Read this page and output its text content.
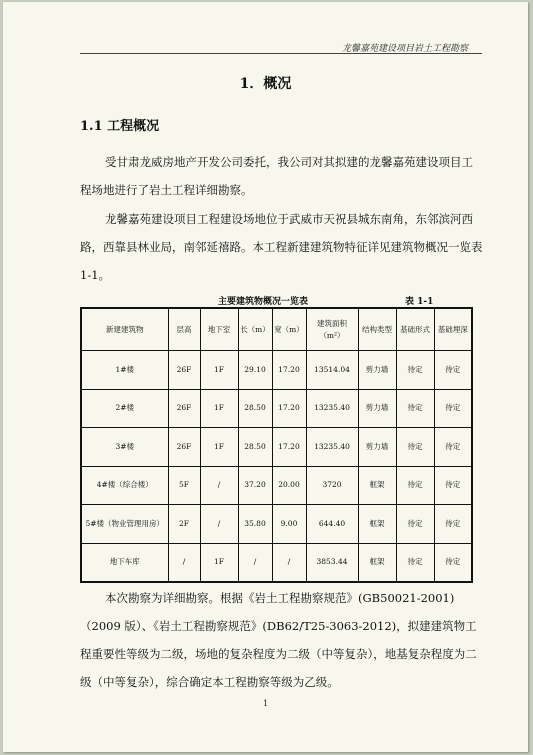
龙馨嘉苑建设项目岩土工程勘察
1．概况
1.1 工程概况

受甘肃龙威房地产开发公司委托，我公司对其拟建的龙馨嘉苑建设项目工程场地进行了岩土工程详细勘察。

龙馨嘉苑建设项目工程建设场地位于武威市天祝县城东南角，东邻滨河西路，西靠县林业局，南邻延禧路。本工程新建建筑物特征详见建筑物概况一览表 1-1。

主要建筑物概况一览表	表 1-1
新建建筑物	层高	地下室	长（m）	宽（m）	建筑面积（m²）	结构类型	基础形式	基础埋深
1#楼	26F	1F	29.10	17.20	13514.04	剪力墙	待定	待定
2#楼	26F	1F	28.50	17.20	13235.40	剪力墙	待定	待定
3#楼	26F	1F	28.50	17.20	13235.40	剪力墙	待定	待定
4#楼（综合楼）	5F	/	37.20	20.00	3720	框架	待定	待定
5#楼（物业管理用房）	2F	/	35.80	9.00	644.40	框架	待定	待定
地下车库	/	1F	/	/	3853.44	框架	待定	待定

本次勘察为详细勘察。根据《岩土工程勘察规范》(GB50021-2001)（2009 版）、《岩土工程勘察规范》(DB62/T25-3063-2012)，拟建建筑物工程重要性等级为二级，场地的复杂程度为二级（中等复杂），地基复杂程度为二级（中等复杂），综合确定本工程勘察等级为乙级。

1
